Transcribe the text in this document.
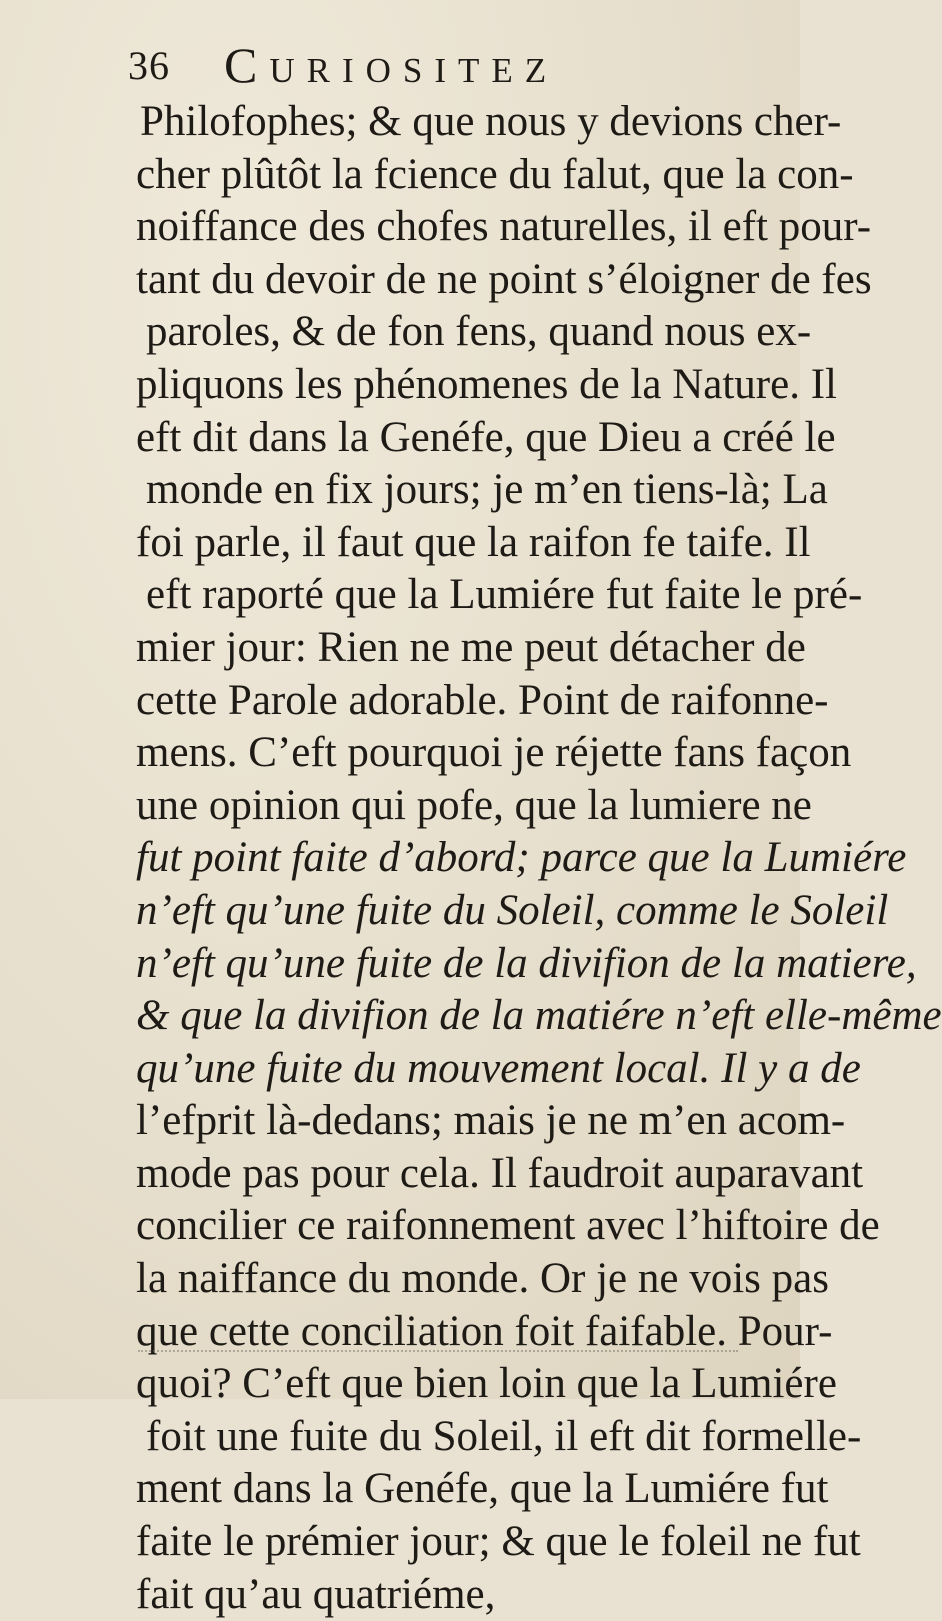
36 Curiositez
Philofophes; & que nous y devions cher-
cher plûtôt la fcience du falut, que la con-
noiffance des chofes naturelles, il eft pour-
tant du devoir de ne point s’éloigner de fes
paroles, & de fon fens, quand nous ex-
pliquons les phénomenes de la Nature. Il
eft dit dans la Genéfe, que Dieu a créé le
monde en fix jours; je m’en tiens-là; La
foi parle, il faut que la raifon fe taife. Il
eft raporté que la Lumiére fut faite le pré-
mier jour: Rien ne me peut détacher de
cette Parole adorable. Point de raifonne-
mens. C’eft pourquoi je réjette fans façon
une opinion qui pofe, que la lumiere ne
fut point faite d’abord; parce que la Lumiére
n’eft qu’une fuite du Soleil, comme le Soleil
n’eft qu’une fuite de la divifion de la matiere,
& que la divifion de la matiére n’eft elle-même
qu’une fuite du mouvement local. Il y a de
l’efprit là-dedans; mais je ne m’en acom-
mode pas pour cela. Il faudroit auparavant
concilier ce raifonnement avec l’hiftoire de
la naiffance du monde. Or je ne vois pas
que cette conciliation foit faifable. Pour-
quoi? C’eft que bien loin que la Lumiére
foit une fuite du Soleil, il eft dit formelle-
ment dans la Genéfe, que la Lumiére fut
faite le prémier jour; & que le foleil ne fut
fait qu’au quatriéme,
